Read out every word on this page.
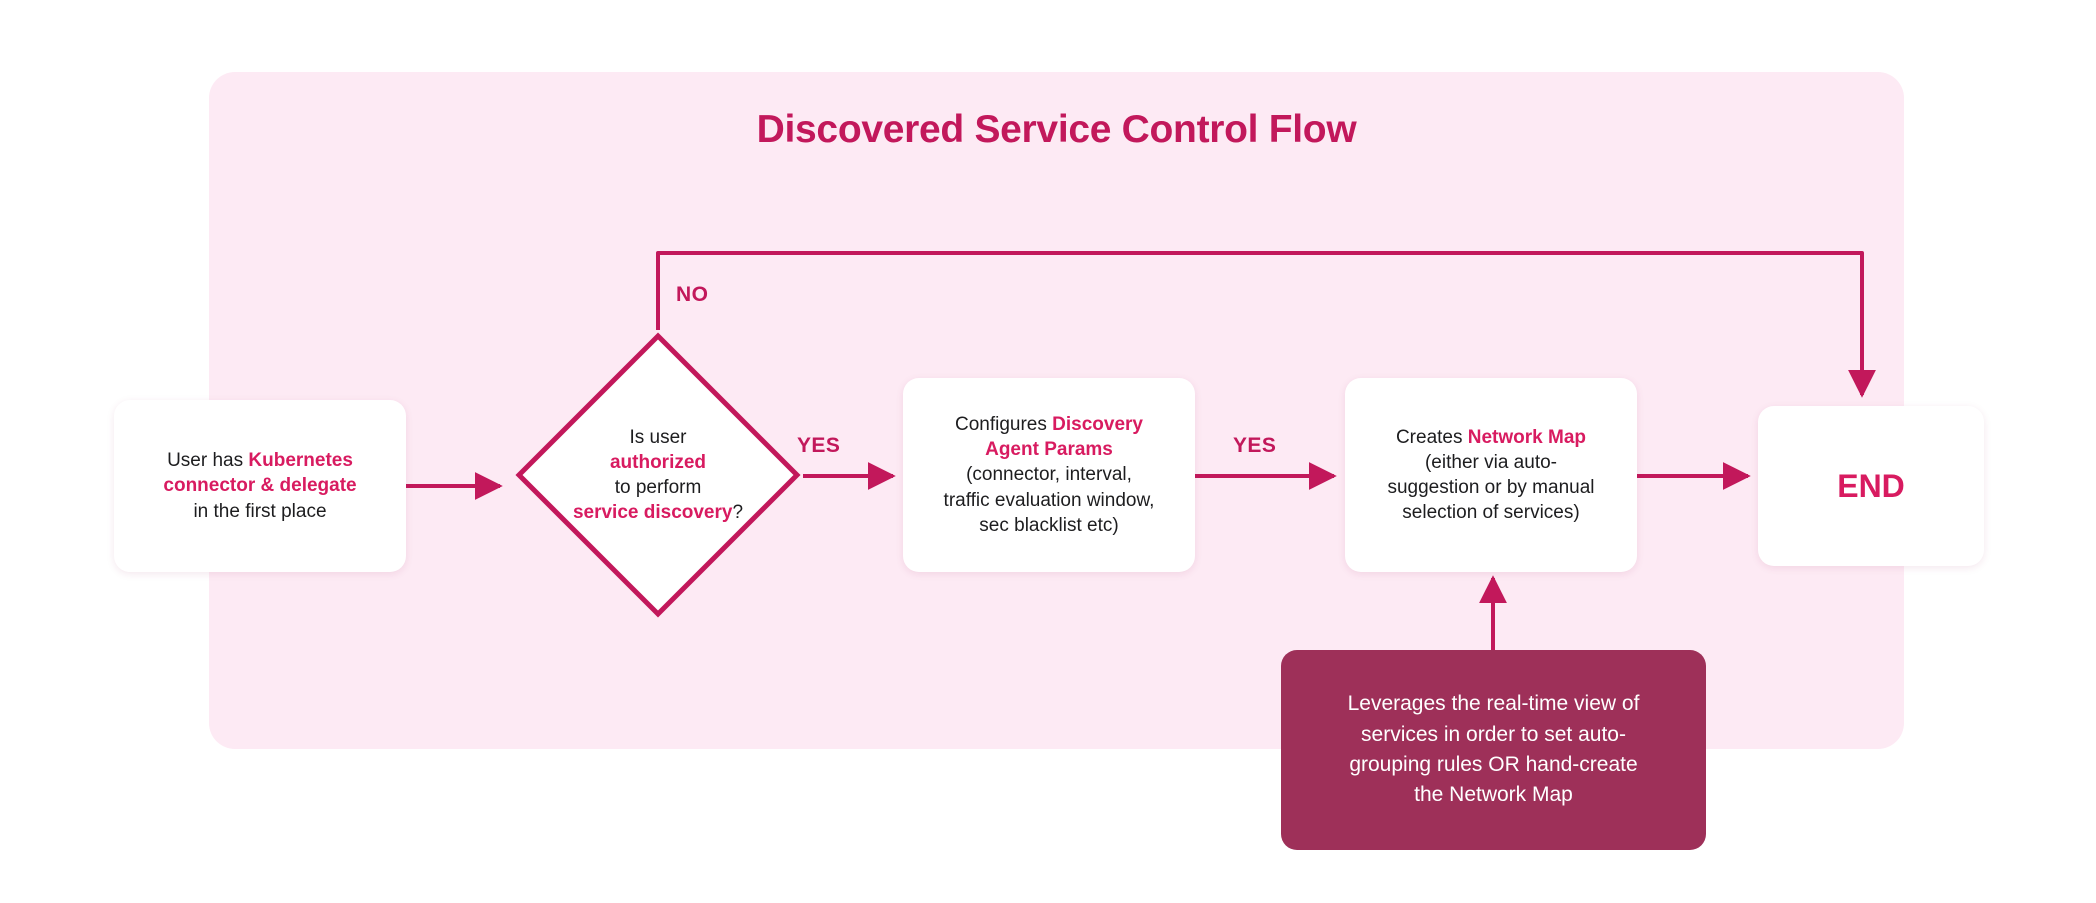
Discovered Service Control Flow
User has Kubernetes
connector & delegate
in the first place
Is user
authorized
to perform
service discovery?
Configures Discovery
Agent Params
(connector, interval,
traffic evaluation window,
sec blacklist etc)
Creates Network Map
(either via auto-
suggestion or by manual
selection of services)
END
Leverages the real-time view of
services in order to set auto-
grouping rules OR hand-create
the Network Map
NO
YES	YES
